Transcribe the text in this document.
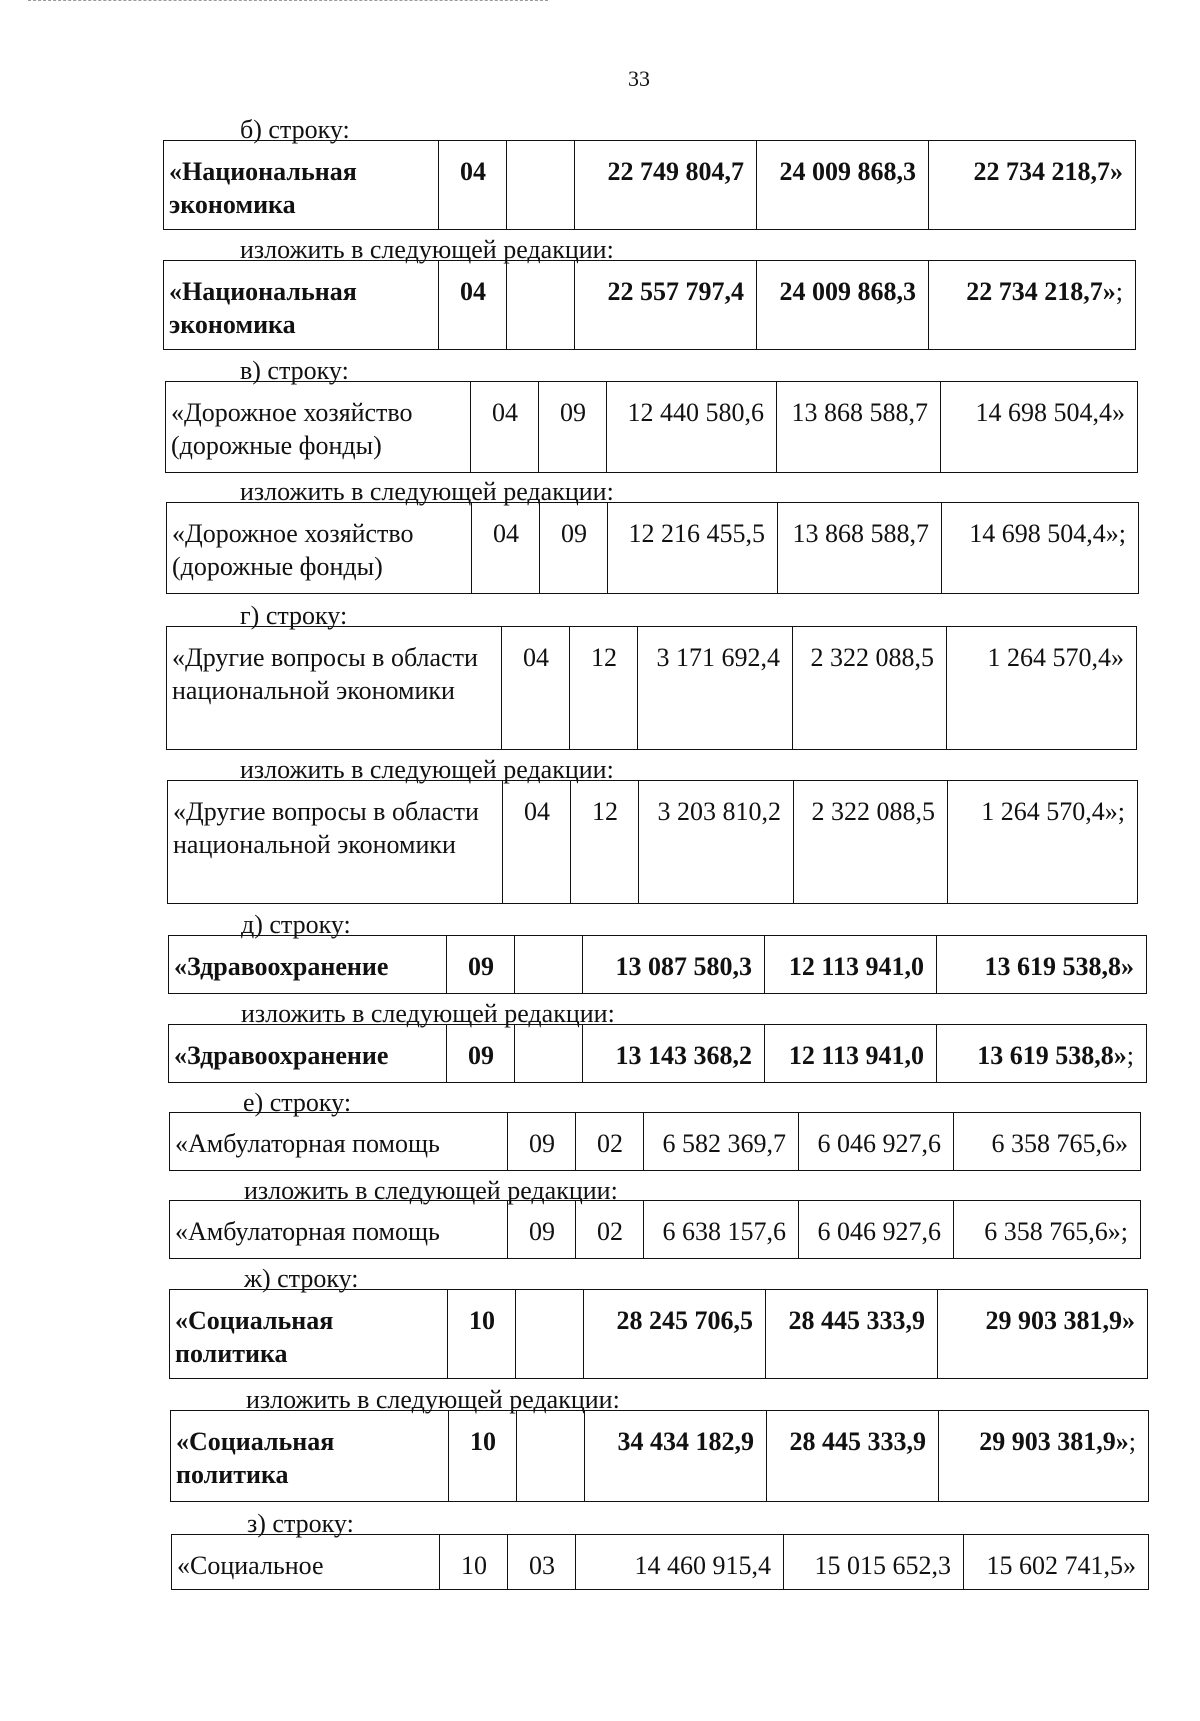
33
б) строку:
«Национальная экономика	04		22 749 804,7	24 009 868,3	22 734 218,7»
изложить в следующей редакции:
«Национальная экономика	04		22 557 797,4	24 009 868,3	22 734 218,7»;
в) строку:
«Дорожное хозяйство (дорожные фонды)	04	09	12 440 580,6	13 868 588,7	14 698 504,4»
изложить в следующей редакции:
«Дорожное хозяйство (дорожные фонды)	04	09	12 216 455,5	13 868 588,7	14 698 504,4»;
г) строку:
«Другие вопросы в области национальной экономики	04	12	3 171 692,4	2 322 088,5	1 264 570,4»
изложить в следующей редакции:
«Другие вопросы в области национальной экономики	04	12	3 203 810,2	2 322 088,5	1 264 570,4»;
д) строку:
«Здравоохранение	09		13 087 580,3	12 113 941,0	13 619 538,8»
изложить в следующей редакции:
«Здравоохранение	09		13 143 368,2	12 113 941,0	13 619 538,8»;
е) строку:
«Амбулаторная помощь	09	02	6 582 369,7	6 046 927,6	6 358 765,6»
изложить в следующей редакции:
«Амбулаторная помощь	09	02	6 638 157,6	6 046 927,6	6 358 765,6»;
ж) строку:
«Социальная политика	10		28 245 706,5	28 445 333,9	29 903 381,9»
изложить в следующей редакции:
«Социальная политика	10		34 434 182,9	28 445 333,9	29 903 381,9»;
з) строку:
«Социальное	10	03	14 460 915,4	15 015 652,3	15 602 741,5»
